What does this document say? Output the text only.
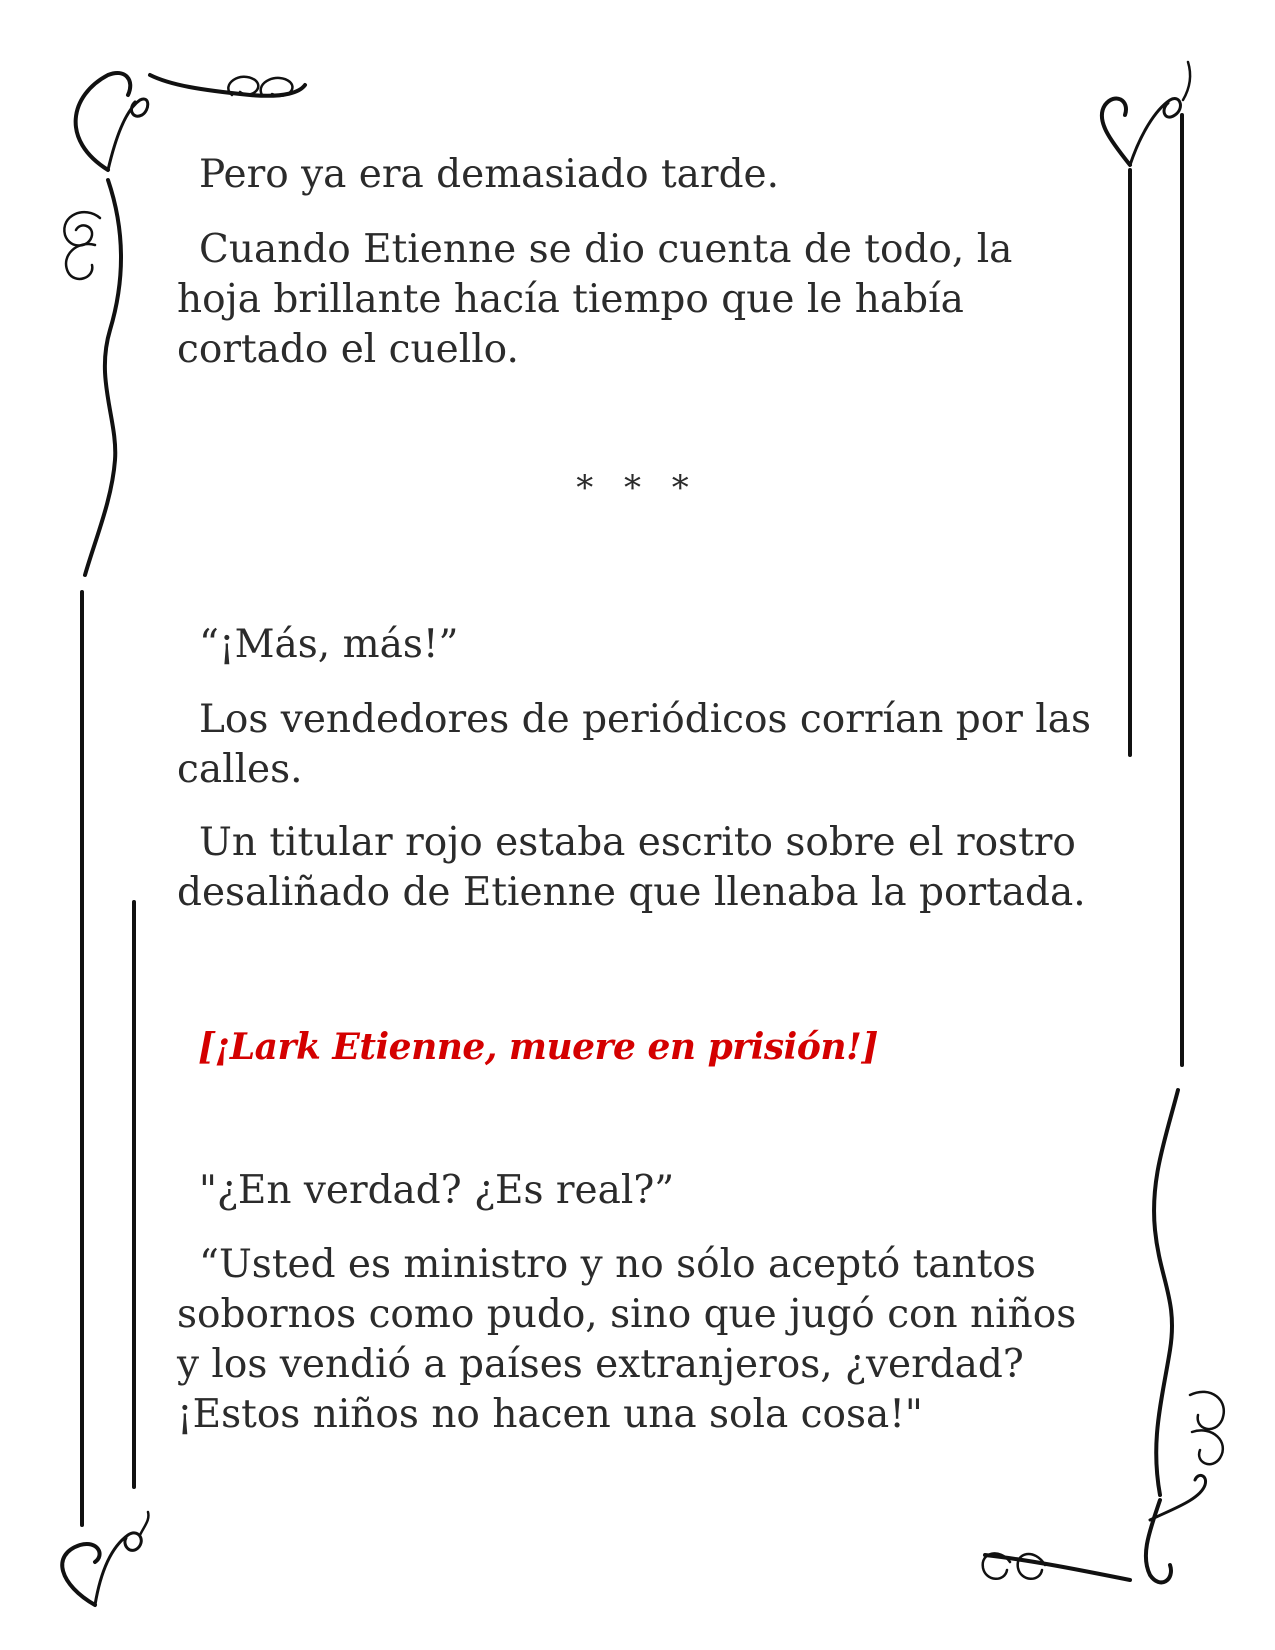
Pero ya era demasiado tarde.

Cuando Etienne se dio cuenta de todo, la hoja brillante hacía tiempo que le había cortado el cuello.

* * *

“¡Más, más!”

Los vendedores de periódicos corrían por las calles.

Un titular rojo estaba escrito sobre el rostro desaliñado de Etienne que llenaba la portada.

[¡Lark Etienne, muere en prisión!]

"¿En verdad? ¿Es real?”

“Usted es ministro y no sólo aceptó tantos sobornos como pudo, sino que jugó con niños y los vendió a países extranjeros, ¿verdad? ¡Estos niños no hacen una sola cosa!"
